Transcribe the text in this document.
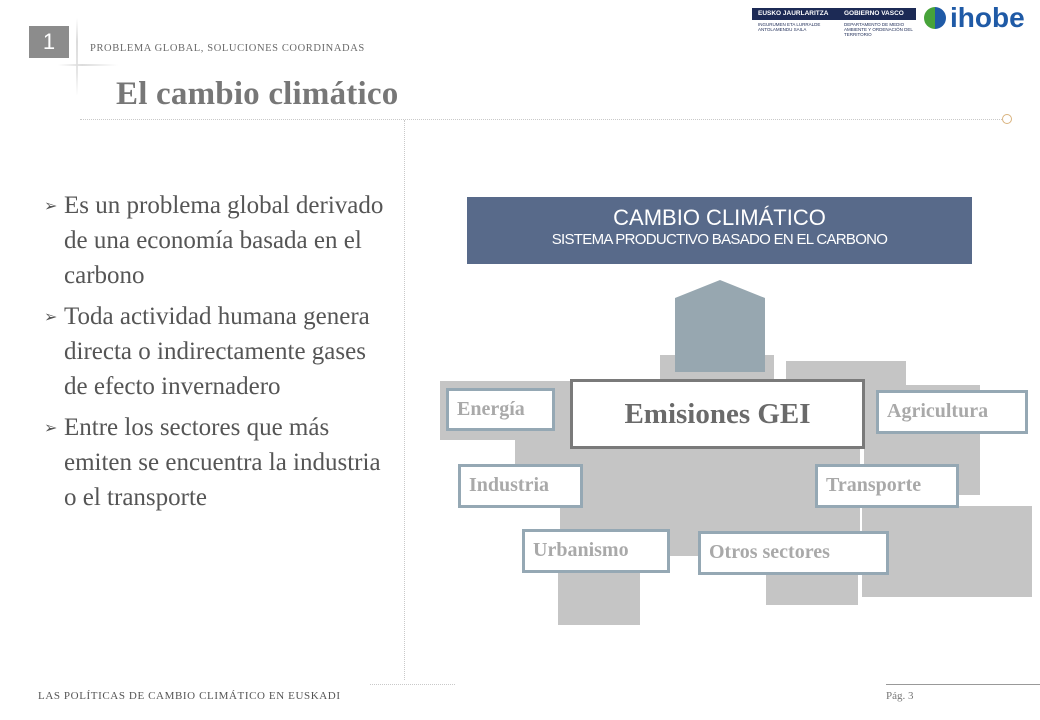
1	PROBLEMA GLOBAL, SOLUCIONES COORDINADAS
El cambio climático
EUSKO JAURLARITZA GOBIERNO VASCO
INGURUMEN ETA LURRALDE ANTOLAMENDU SAILA
DEPARTAMENTO DE MEDIO AMBIENTE Y ORDENACIÓN DEL TERRITORIO
ihobe
➢ Es un problema global derivado de una economía basada en el carbono
➢ Toda actividad humana genera directa o indirectamente gases de efecto invernadero
➢ Entre los sectores que más emiten se encuentra la industria o el transporte
CAMBIO CLIMÁTICO
SISTEMA PRODUCTIVO BASADO EN EL CARBONO
Emisiones GEI
Energía	Agricultura
Industria	Transporte
Urbanismo	Otros sectores
LAS POLÍTICAS DE CAMBIO CLIMÁTICO EN EUSKADI	Pág. 3
